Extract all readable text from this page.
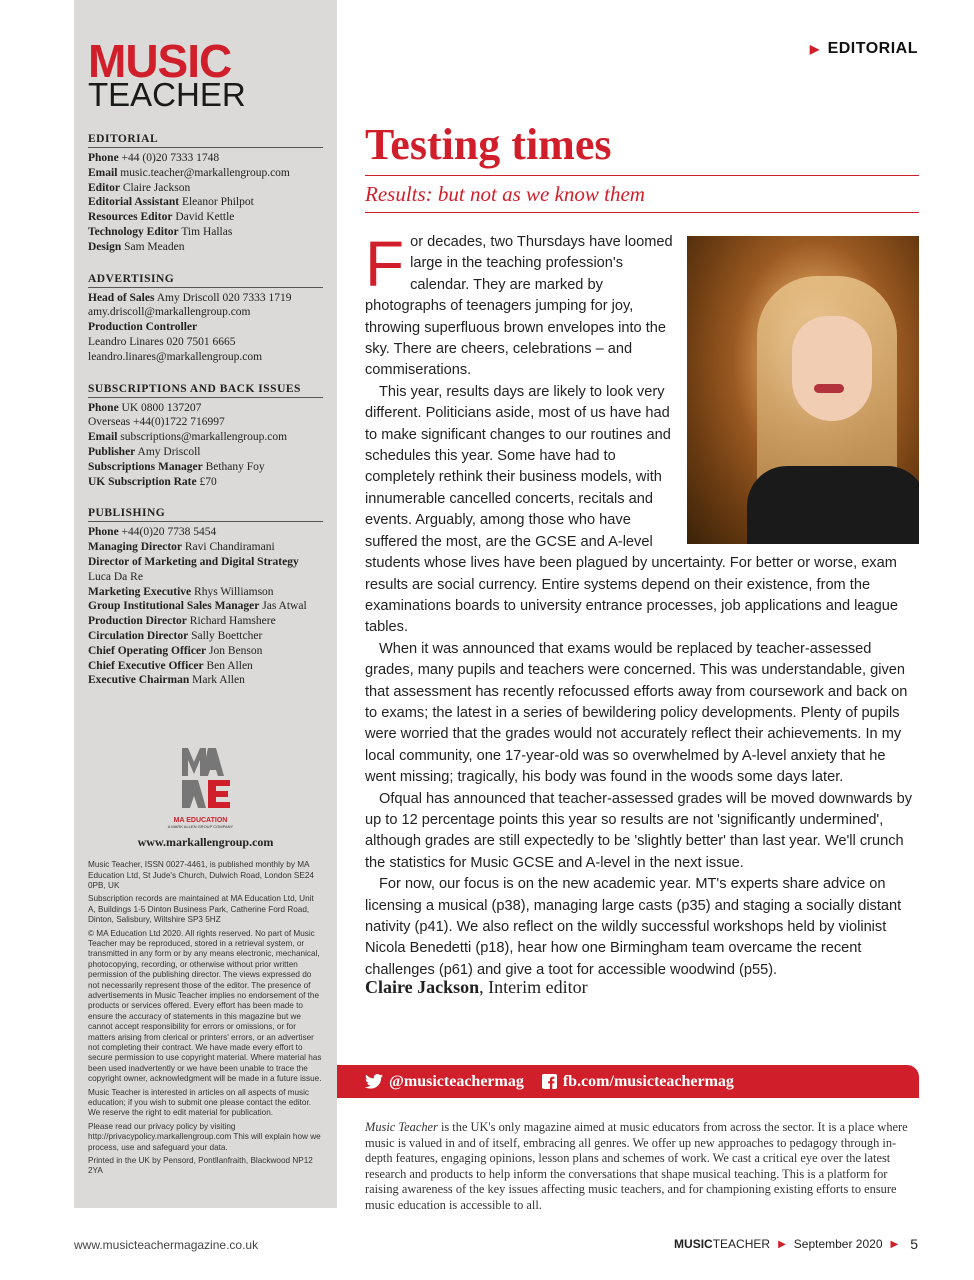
MUSIC
TEACHER
EDITORIAL
Phone +44 (0)20 7333 1748
Email music.teacher@markallengroup.com
Editor Claire Jackson
Editorial Assistant Eleanor Philpot
Resources Editor David Kettle
Technology Editor Tim Hallas
Design Sam Meaden
ADVERTISING
Head of Sales Amy Driscoll 020 7333 1719
amy.driscoll@markallengroup.com
Production Controller
Leandro Linares 020 7501 6665
leandro.linares@markallengroup.com
SUBSCRIPTIONS AND BACK ISSUES
Phone UK 0800 137207
Overseas +44(0)1722 716997
Email subscriptions@markallengroup.com
Publisher Amy Driscoll
Subscriptions Manager Bethany Foy
UK Subscription Rate £70
PUBLISHING
Phone +44(0)20 7738 5454
Managing Director Ravi Chandiramani
Director of Marketing and Digital Strategy
Luca Da Re
Marketing Executive Rhys Williamson
Group Institutional Sales Manager Jas Atwal
Production Director Richard Hamshere
Circulation Director Sally Boettcher
Chief Operating Officer Jon Benson
Chief Executive Officer Ben Allen
Executive Chairman Mark Allen
MA EDUCATION
A MARK ALLEN GROUP COMPANY
www.markallengroup.com

Music Teacher, ISSN 0027-4461, is published monthly by MA Education Ltd, St Jude's Church, Dulwich Road, London SE24 0PB, UK

Subscription records are maintained at MA Education Ltd, Unit A, Buildings 1-5 Dinton Business Park, Catherine Ford Road, Dinton, Salisbury, Wiltshire SP3 5HZ

© MA Education Ltd 2020. All rights reserved. No part of Music Teacher may be reproduced, stored in a retrieval system, or transmitted in any form or by any means electronic, mechanical, photocopying, recording, or otherwise without prior written permission of the publishing director. The views expressed do not necessarily represent those of the editor. The presence of advertisements in Music Teacher implies no endorsement of the products or services offered. Every effort has been made to ensure the accuracy of statements in this magazine but we cannot accept responsibility for errors or omissions, or for matters arising from clerical or printers' errors, or an advertiser not completing their contract. We have made every effort to secure permission to use copyright material. Where material has been used inadvertently or we have been unable to trace the copyright owner, acknowledgment will be made in a future issue.

Music Teacher is interested in articles on all aspects of music education; if you wish to submit one please contact the editor. We reserve the right to edit material for publication.

Please read our privacy policy by visiting http://privacypolicy.markallengroup.com This will explain how we process, use and safeguard your data.

Printed in the UK by Pensord, Pontllanfraith, Blackwood NP12 2YA

▶ EDITORIAL
Testing times
Results: but not as we know them

For decades, two Thursdays have loomed large in the teaching profession's calendar. They are marked by photographs of teenagers jumping for joy, throwing superfluous brown envelopes into the sky. There are cheers, celebrations – and commiserations.

This year, results days are likely to look very different. Politicians aside, most of us have had to make significant changes to our routines and schedules this year. Some have had to completely rethink their business models, with innumerable cancelled concerts, recitals and events. Arguably, among those who have suffered the most, are the GCSE and A-level students whose lives have been plagued by uncertainty. For better or worse, exam results are social currency. Entire systems depend on their existence, from the examinations boards to university entrance processes, job applications and league tables.

When it was announced that exams would be replaced by teacher-assessed grades, many pupils and teachers were concerned. This was understandable, given that assessment has recently refocussed efforts away from coursework and back on to exams; the latest in a series of bewildering policy developments. Plenty of pupils were worried that the grades would not accurately reflect their achievements. In my local community, one 17-year-old was so overwhelmed by A-level anxiety that he went missing; tragically, his body was found in the woods some days later.

Ofqual has announced that teacher-assessed grades will be moved downwards by up to 12 percentage points this year so results are not 'significantly undermined', although grades are still expectedly to be 'slightly better' than last year. We'll crunch the statistics for Music GCSE and A-level in the next issue.

For now, our focus is on the new academic year. MT's experts share advice on licensing a musical (p38), managing large casts (p35) and staging a socially distant nativity (p41). We also reflect on the wildly successful workshops held by violinist Nicola Benedetti (p18), hear how one Birmingham team overcame the recent challenges (p61) and give a toot for accessible woodwind (p55).

Claire Jackson, Interim editor
@musicteachermag fb.com/musicteachermag
Music Teacher is the UK's only magazine aimed at music educators from across the sector. It is a place where music is valued in and of itself, embracing all genres. We offer up new approaches to pedagogy through in-depth features, engaging opinions, lesson plans and schemes of work. We cast a critical eye over the latest research and products to help inform the conversations that shape musical teaching. This is a platform for raising awareness of the key issues affecting music teachers, and for championing existing efforts to ensure music education is accessible to all.
www.musicteachermagazine.co.uk	MUSIC TEACHER ▶ September 2020 ▶ 5
